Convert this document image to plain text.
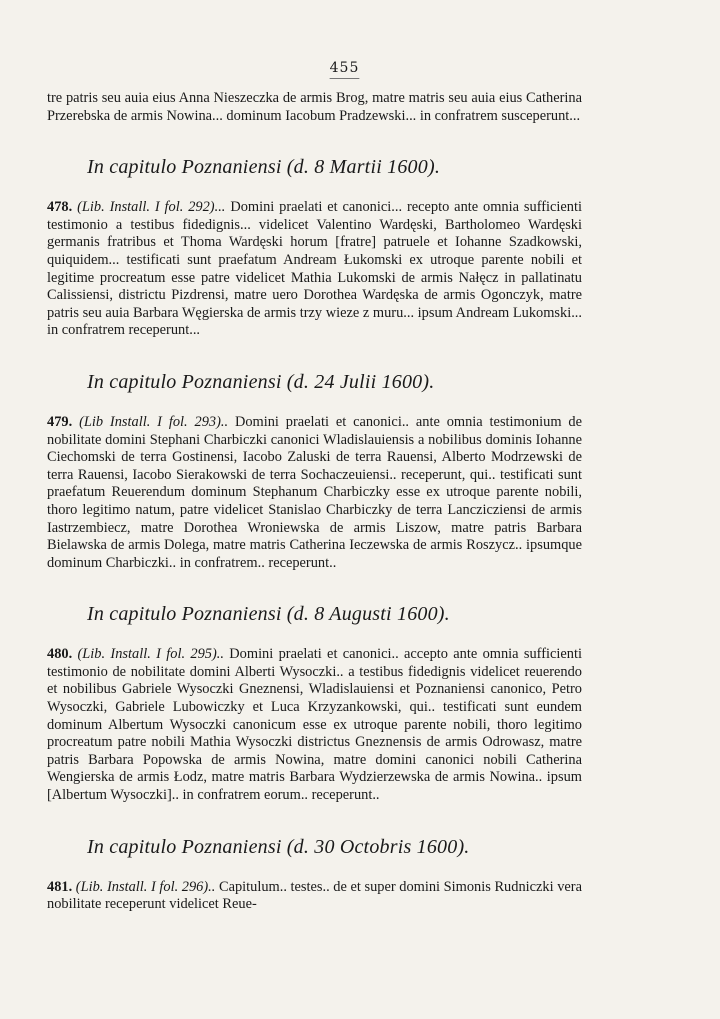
455

tre patris seu auia eius Anna Nieszeczka de armis Brog, matre matris seu auia eius Catherina Przerebska de armis Nowina... dominum Iacobum Pradzewski... in confratrem susceperunt...

In capitulo Poznaniensi (d. 8 Martii 1600).

478. (Lib. Install. I fol. 292)... Domini praelati et canonici... recepto ante omnia sufficienti testimonio a testibus fidedignis... videlicet Valentino Wardęski, Bartholomeo Wardęski germanis fratribus et Thoma Wardęski horum [fratre] patruele et Iohanne Szadkowski, quiquidem... testificati sunt praefatum Andream Łukomski ex utroque parente nobili et legitime procreatum esse patre videlicet Mathia Lukomski de armis Nałęcz in pallatinatu Calissiensi, districtu Pizdrensi, matre uero Dorothea Wardęska de armis Ogonczyk, matre patris seu auia Barbara Węgierska de armis trzy wieze z muru... ipsum Andream Lukomski... in confratrem receperunt...

In capitulo Poznaniensi (d. 24 Julii 1600).

479. (Lib Install. I fol. 293).. Domini praelati et canonici.. ante omnia testimonium de nobilitate domini Stephani Charbiczki canonici Wladislauiensis a nobilibus dominis Iohanne Ciechomski de terra Gostinensi, Iacobo Zaluski de terra Rauensi, Alberto Modrzewski de terra Rauensi, Iacobo Sierakowski de terra Sochaczeuiensi.. receperunt, qui.. testificati sunt praefatum Reuerendum dominum Stephanum Charbiczky esse ex utroque parente nobili, thoro legitimo natum, patre videlicet Stanislao Charbiczky de terra Lanczicziensi de armis Iastrzembiecz, matre Dorothea Wroniewska de armis Liszow, matre patris Barbara Bielawska de armis Dolega, matre matris Catherina Ieczewska de armis Roszycz.. ipsumque dominum Charbiczki.. in confratrem.. receperunt..

In capitulo Poznaniensi (d. 8 Augusti 1600).

480. (Lib. Install. I fol. 295).. Domini praelati et canonici.. accepto ante omnia sufficienti testimonio de nobilitate domini Alberti Wysoczki.. a testibus fidedignis videlicet reuerendo et nobilibus Gabriele Wysoczki Gneznensi, Wladislauiensi et Poznaniensi canonico, Petro Wysoczki, Gabriele Lubowiczky et Luca Krzyzankowski, qui.. testificati sunt eundem dominum Albertum Wysoczki canonicum esse ex utroque parente nobili, thoro legitimo procreatum patre nobili Mathia Wysoczki districtus Gneznensis de armis Odrowasz, matre patris Barbara Popowska de armis Nowina, matre domini canonici nobili Catherina Wengierska de armis Łodz, matre matris Barbara Wydzierzewska de armis Nowina.. ipsum [Albertum Wysoczki].. in confratrem eorum.. receperunt..

In capitulo Poznaniensi (d. 30 Octobris 1600).

481. (Lib. Install. I fol. 296).. Capitulum.. testes.. de et super domini Simonis Rudniczki vera nobilitate receperunt videlicet Reue-
